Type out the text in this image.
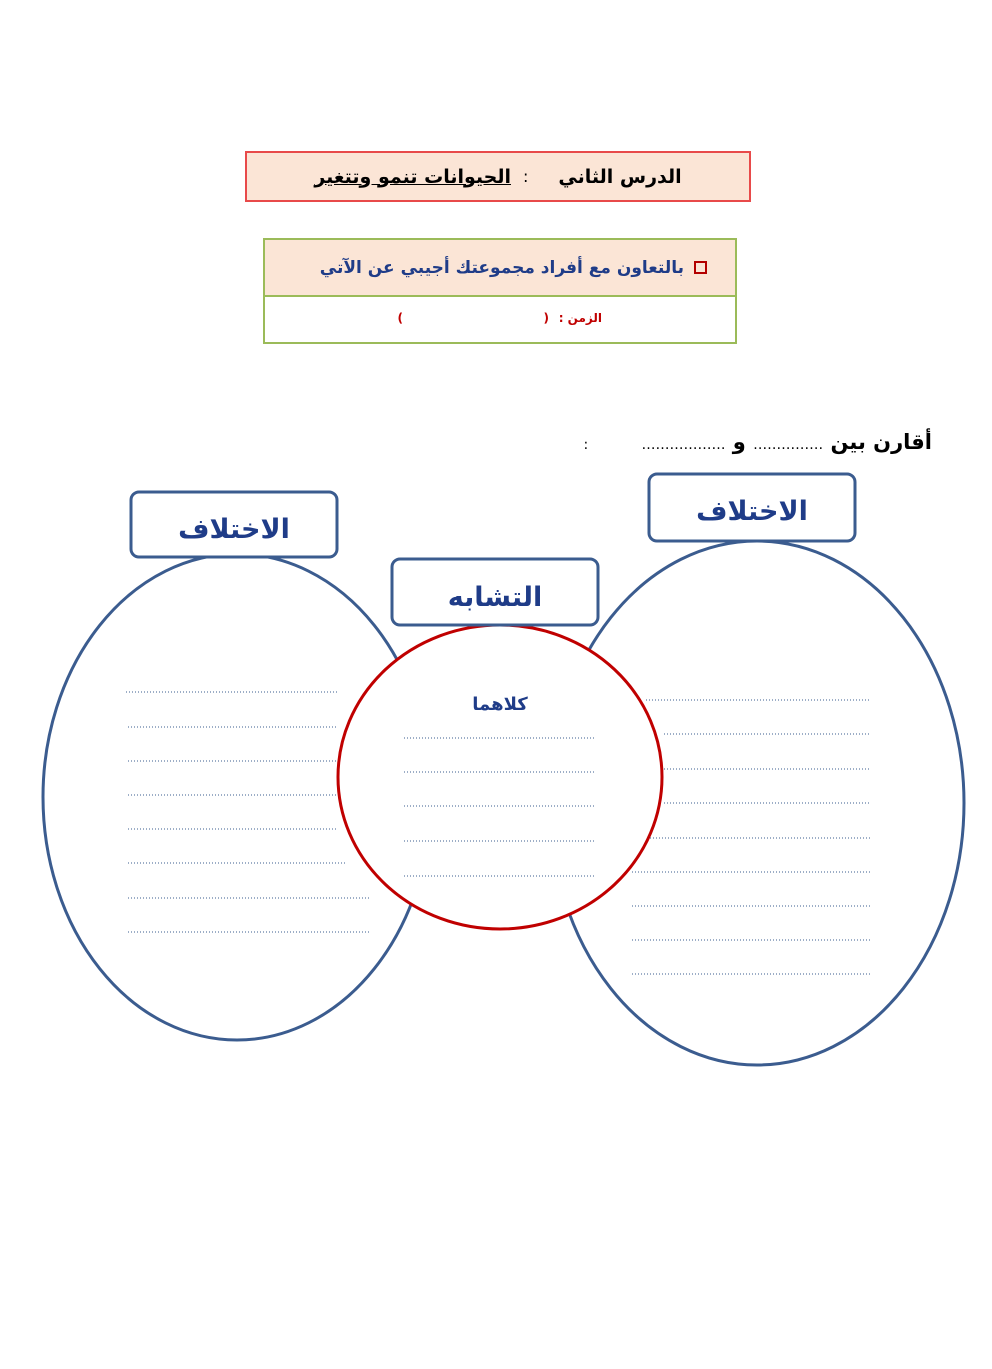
الدرس الثاني
:
الحيوانات تنمو وتتغير
بالتعاون مع أفراد مجموعتك أجيبي عن الآتي
الزمن :
(
)
أقارن بين …………… و ……………… :
الاختلاف
الاختلاف
التشابه
كلاهما
